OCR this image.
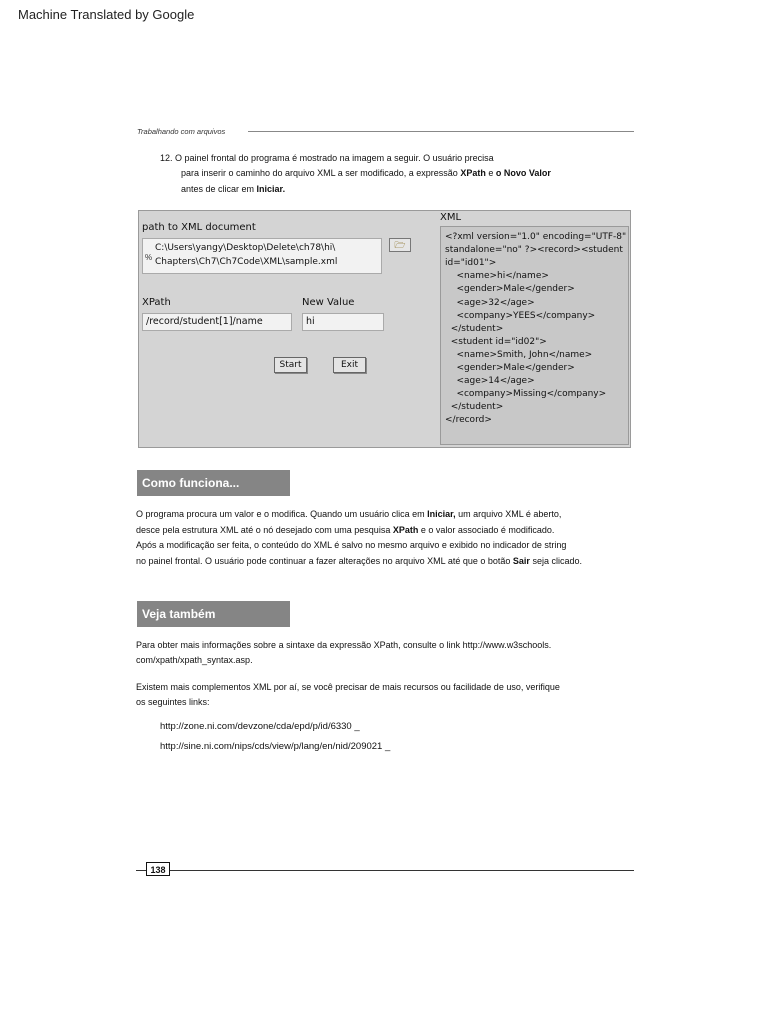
Machine Translated by Google
Trabalhando com arquivos
12. O painel frontal do programa é mostrado na imagem a seguir. O usuário precisa
para inserir o caminho do arquivo XML a ser modificado, a expressão XPath e o Novo Valor
antes de clicar em Iniciar.
path to XML document
%
C:\Users\yangy\Desktop\Delete\ch78\hi\
Chapters\Ch7\Ch7Code\XML\sample.xml
🗁
XPath
/record/student[1]/name
New Value
hi
Start	Exit
XML
<?xml version="1.0" encoding="UTF-8"
standalone="no" ?><record><student
id="id01">
<name>hi</name>
<gender>Male</gender>
<age>32</age>
<company>YEES</company>
</student>
<student id="id02">
<name>Smith, John</name>
<gender>Male</gender>
<age>14</age>
<company>Missing</company>
</student>
</record>
Como funciona...
O programa procura um valor e o modifica. Quando um usuário clica em Iniciar, um arquivo XML é aberto,
desce pela estrutura XML até o nó desejado com uma pesquisa XPath e o valor associado é modificado.
Após a modificação ser feita, o conteúdo do XML é salvo no mesmo arquivo e exibido no indicador de string
no painel frontal. O usuário pode continuar a fazer alterações no arquivo XML até que o botão Sair seja clicado.
Veja também
Para obter mais informações sobre a sintaxe da expressão XPath, consulte o link http://www.w3schools.
com/xpath/xpath_syntax.asp.
Existem mais complementos XML por aí, se você precisar de mais recursos ou facilidade de uso, verifique
os seguintes links:
http://zone.ni.com/devzone/cda/epd/p/id/6330 _
http://sine.ni.com/nips/cds/view/p/lang/en/nid/209021 _
138
